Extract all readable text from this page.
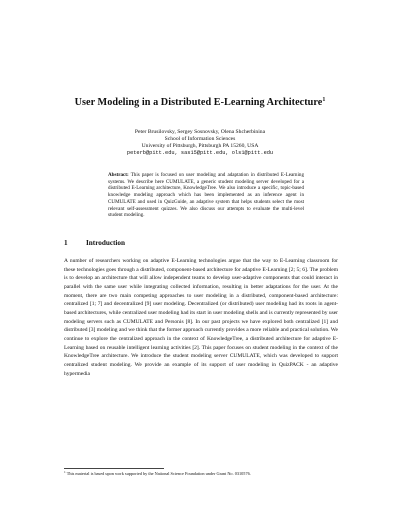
User Modeling in a Distributed E-Learning Architecture$^1$
Peter Brusilovsky, Sergey Sosnovsky, Olena Shcherbinina
School of Information Sciences
University of Pittsburgh, Pittsburgh PA 15260, USA
peterb@pitt.edu, sas15@pitt.edu, ols1@pitt.edu
Abstract: This paper is focused on user modeling and adaptation in distributed E-Learning systems. We describe here CUMULATE, a generic student modeling server developed for a distributed E-Learning architecture, KnowledgeTree. We also introduce a specific, topic-based knowledge modeling approach which has been implemented as an inference agent in CUMULATE and used in QuizGuide, an adaptive system that helps students select the most relevant self-assessment quizzes. We also discuss our attempts to evaluate the multi-level student modeling.
1	Introduction
A number of researchers working on adaptive E-Learning technologies argue that the way to E-Learning classroom for these technologies goes through a distributed, component-based architecture for adaptive E-Learning [2; 5; 6]. The problem is to develop an architecture that will allow independent teams to develop user-adaptive components that could interact in parallel with the same user while integrating collected information, resulting in better adaptations for the user. At the moment, there are two main competing approaches to user modeling in a distributed, component-based architecture: centralized [1; 7] and decentralized [9] user modeling. Decentralized (or distributed) user modeling had its roots in agent-based architectures, while centralized user modeling had its start in user modeling shells and is currently represented by user modeling servers such as CUMULATE and Personis [8]. In our past projects we have explored both centralized [1] and distributed [3] modeling and we think that the former approach currently provides a more reliable and practical solution. We continue to explore the centralized approach in the context of KnowledgeTree, a distributed architecture for adaptive E-Learning based on reusable intelligent learning activities [2]. This paper focuses on student modeling in the context of the KnowledgeTree architecture. We introduce the student modeling server CUMULATE, which was developed to support centralized student modeling. We provide an example of its support of user modeling in QuizPACK - an adaptive hypermedia
$^1$ This material is based upon work supported by the National Science Foundation under Grant No. 0310576.
